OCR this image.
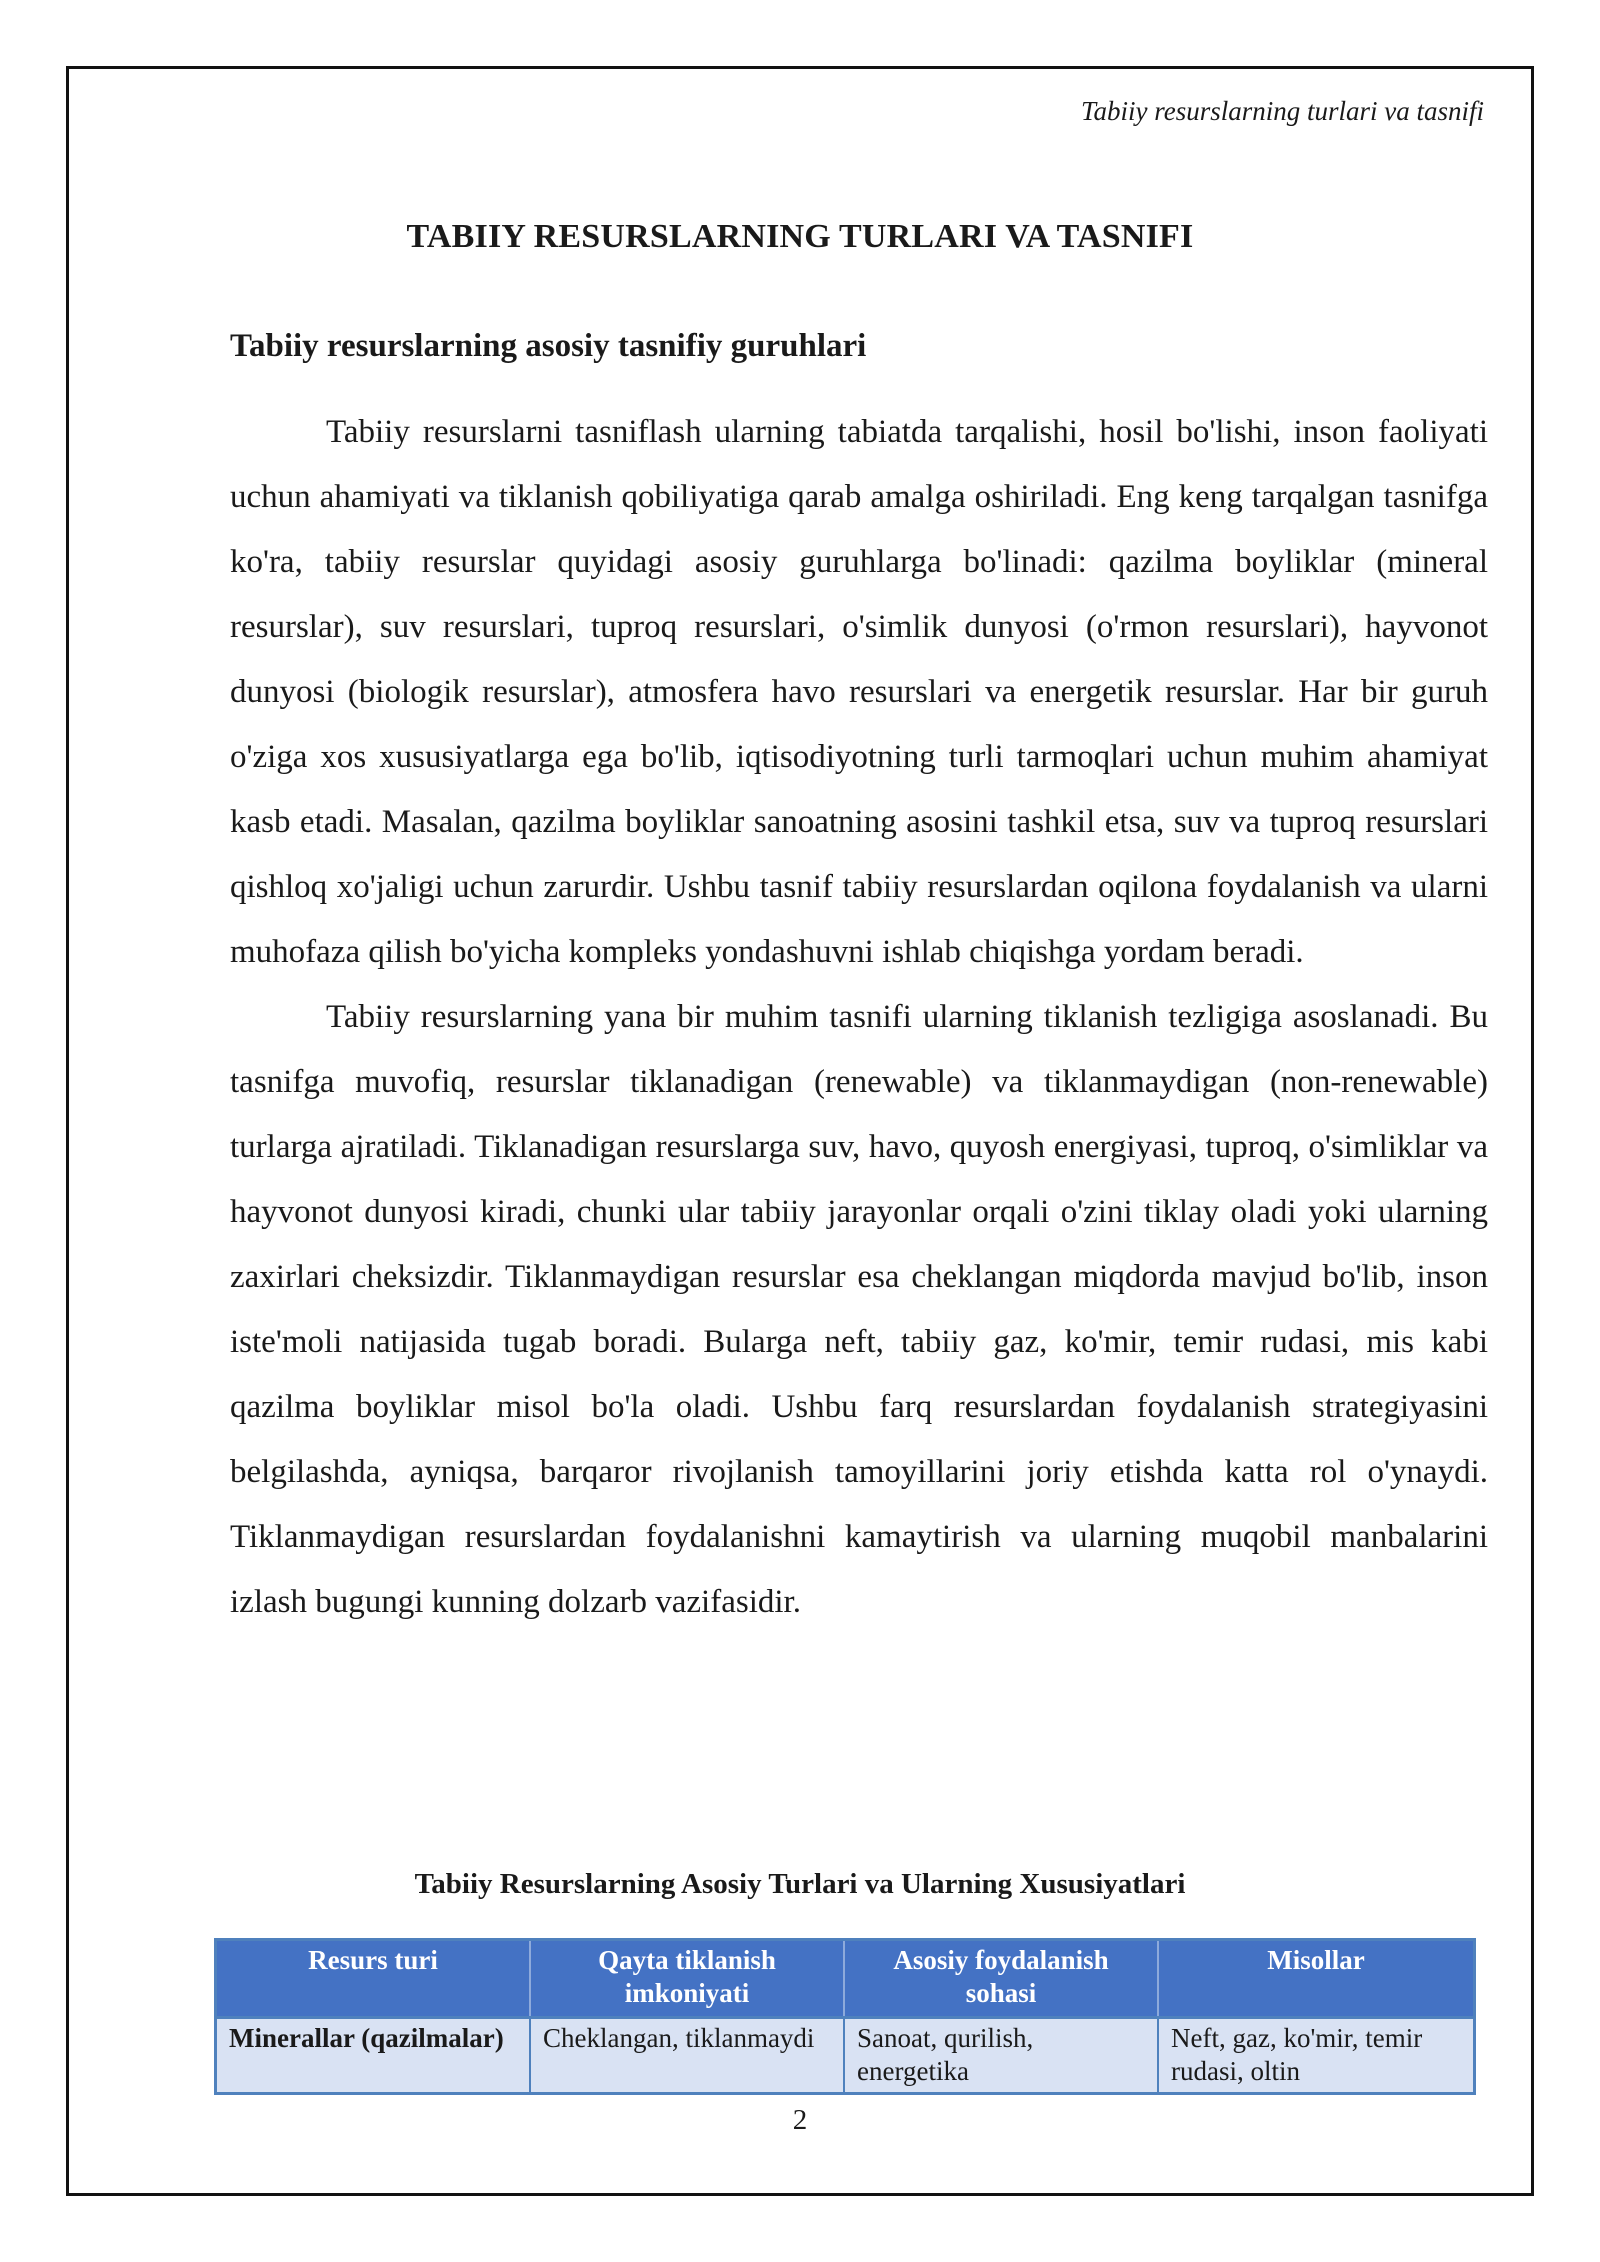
Tabiiy resurslarning turlari va tasnifi
TABIIY RESURSLARNING TURLARI VA TASNIFI
Tabiiy resurslarning asosiy tasnifiy guruhlari

Tabiiy resurslarni tasniflash ularning tabiatda tarqalishi, hosil bo'lishi, inson faoliyati uchun ahamiyati va tiklanish qobiliyatiga qarab amalga oshiriladi. Eng keng tarqalgan tasnifga ko'ra, tabiiy resurslar quyidagi asosiy guruhlarga bo'linadi: qazilma boyliklar (mineral resurslar), suv resurslari, tuproq resurslari, o'simlik dunyosi (o'rmon resurslari), hayvonot dunyosi (biologik resurslar), atmosfera havo resurslari va energetik resurslar. Har bir guruh o'ziga xos xususiyatlarga ega bo'lib, iqtisodiyotning turli tarmoqlari uchun muhim ahamiyat kasb etadi. Masalan, qazilma boyliklar sanoatning asosini tashkil etsa, suv va tuproq resurslari qishloq xo'jaligi uchun zarurdir. Ushbu tasnif tabiiy resurslardan oqilona foydalanish va ularni muhofaza qilish bo'yicha kompleks yondashuvni ishlab chiqishga yordam beradi.

Tabiiy resurslarning yana bir muhim tasnifi ularning tiklanish tezligiga asoslanadi. Bu tasnifga muvofiq, resurslar tiklanadigan (renewable) va tiklanmaydigan (non-renewable) turlarga ajratiladi. Tiklanadigan resurslarga suv, havo, quyosh energiyasi, tuproq, o'simliklar va hayvonot dunyosi kiradi, chunki ular tabiiy jarayonlar orqali o'zini tiklay oladi yoki ularning zaxirlari cheksizdir. Tiklanmaydigan resurslar esa cheklangan miqdorda mavjud bo'lib, inson iste'moli natijasida tugab boradi. Bularga neft, tabiiy gaz, ko'mir, temir rudasi, mis kabi qazilma boyliklar misol bo'la oladi. Ushbu farq resurslardan foydalanish strategiyasini belgilashda, ayniqsa, barqaror rivojlanish tamoyillarini joriy etishda katta rol o'ynaydi. Tiklanmaydigan resurslardan foydalanishni kamaytirish va ularning muqobil manbalarini izlash bugungi kunning dolzarb vazifasidir.

Tabiiy Resurslarning Asosiy Turlari va Ularning Xususiyatlari
Resurs turi	Qayta tiklanish imkoniyati	Asosiy foydalanish sohasi	Misollar
Minerallar (qazilmalar)	Cheklangan, tiklanmaydi	Sanoat, qurilish, energetika	Neft, gaz, ko'mir, temir rudasi, oltin
2
